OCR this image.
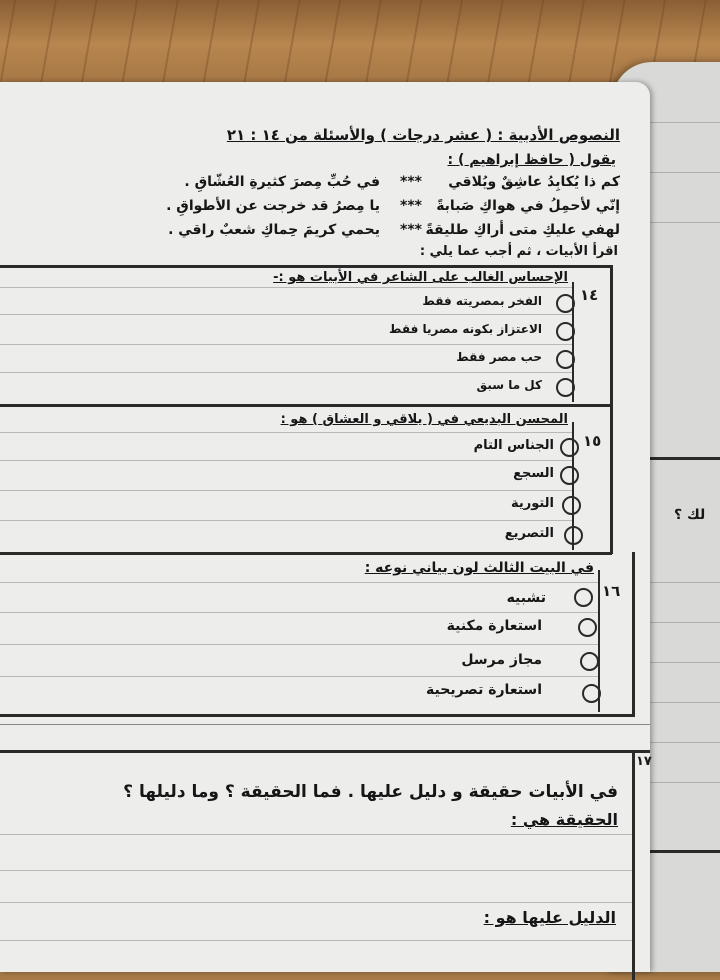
لك ؟
النصوص الأدبية : ( عشر درجات ) والأسئلة من ١٤ : ٢١
يقول ( حافظ إبراهيم ) :
كم ذا يُكابِدُ عاشِقٌ ويُلاقي
***
في حُبِّ مِصرَ كثيرةِ العُشّاقِ .
إنّي لأحمِلُ في هواكِ صَبابةً
***
يا مِصرُ قد خرجت عن الأطواقِ .
لهفي عليكِ متى أراكِ طليقةً
***
يحمي كريمَ حِماكِ شعبٌ راقي .
اقرأ الأبيات ، ثم أجب عما يلي :
١٤
الإحساس الغالب على الشاعر في الأبيات هو :-
الفخر بمصريته فقط
الاعتزاز بكونه مصريا فقط
حب مصر فقط
كل ما سبق
١٥
المحسن البديعي في ( يلاقي و العشاق ) هو :
الجناس التام
السجع
التورية
التصريع
١٦
في البيت الثالث لون بياني نوعه :
تشبيه
استعارة مكنية
مجاز مرسل
استعارة تصريحية
١٧
في الأبيات حقيقة و دليل عليها . فما الحقيقة ؟ وما دليلها ؟
الحقيقة هي :
الدليل عليها هو :
